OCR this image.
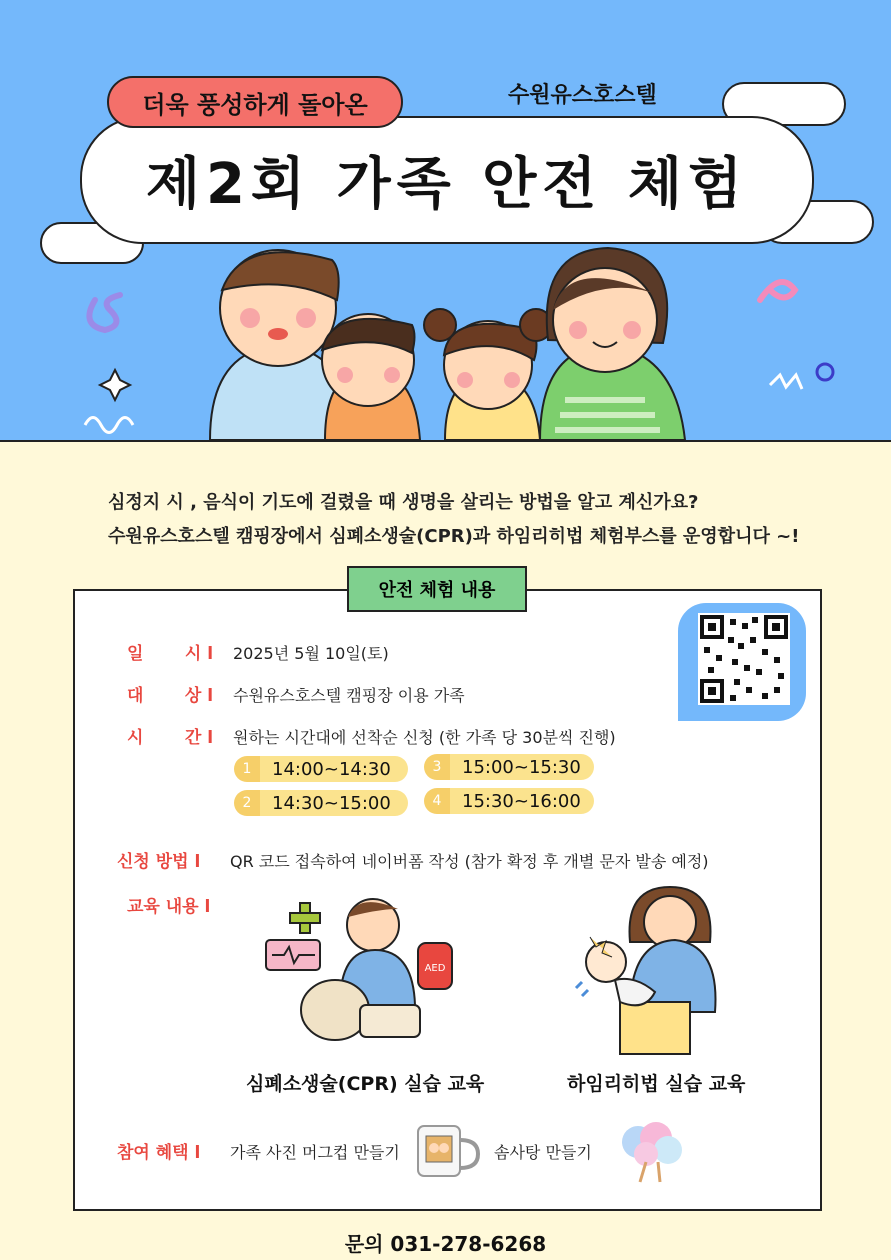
더욱 풍성하게 돌아온	수원유스호스텔
제2회 가족 안전 체험
심정지 시 , 음식이 기도에 걸렸을 때 생명을 살리는 방법을 알고 계신가요?
수원유스호스텔 캠핑장에서 심폐소생술(CPR)과 하임리히법 체험부스를 운영합니다 ~!
안전 체험 내용
일       시 l 2025년 5월 10일(토)
대       상 l 수원유스호스텔 캠핑장 이용 가족
시       간 l 원하는 시간대에 선착순 신청 (한 가족 당 30분씩 진행)
1	14:00~14:30
2	14:30~15:00
3	15:00~15:30
4	15:30~16:00
신청 방법 l QR 코드 접속하여 네이버폼 작성 (참가 확정 후 개별 문자 발송 예정)
교육 내용 l
AED
심폐소생술(CPR) 실습 교육	하임리히법 실습 교육
참여 혜택 l 가족 사진 머그컵 만들기	솜사탕 만들기
문의 031-278-6268
